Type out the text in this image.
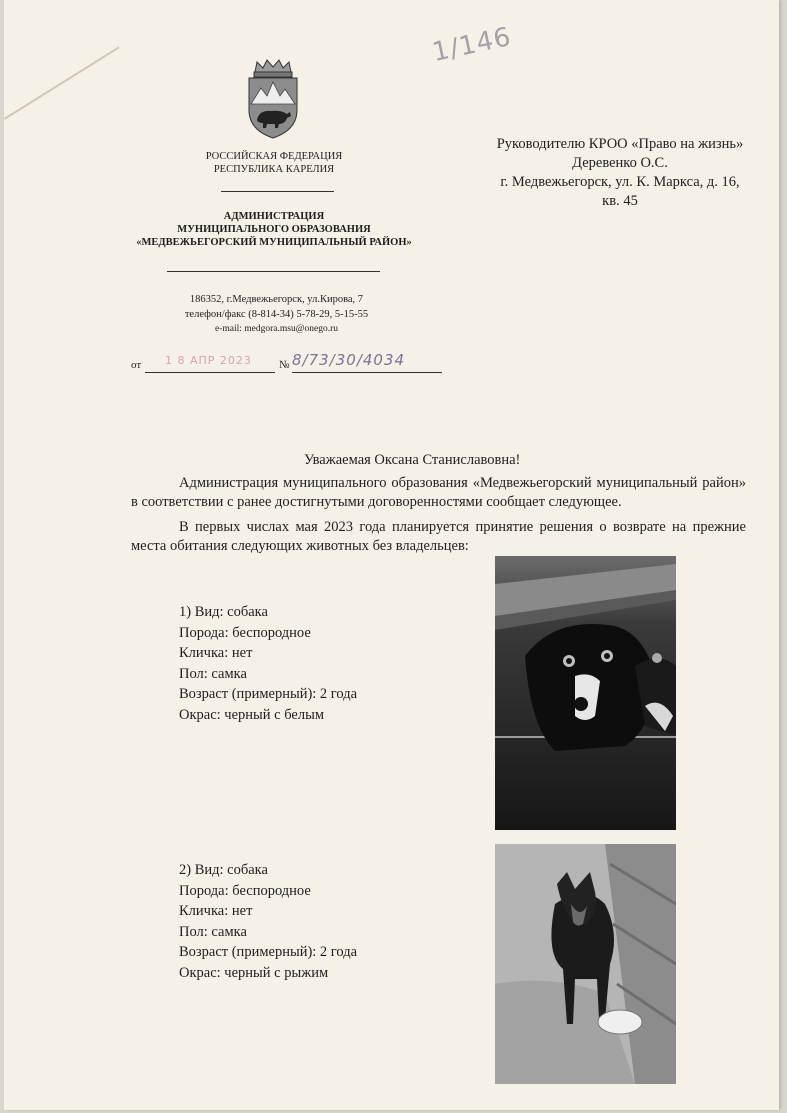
1/146
РОССИЙСКАЯ ФЕДЕРАЦИЯ
РЕСПУБЛИКА КАРЕЛИЯ
АДМИНИСТРАЦИЯ
МУНИЦИПАЛЬНОГО ОБРАЗОВАНИЯ
«МЕДВЕЖЬЕГОРСКИЙ МУНИЦИПАЛЬНЫЙ РАЙОН»
186352, г.Медвежьегорск, ул.Кирова, 7
телефон/факс (8-814-34) 5-78-29, 5-15-55
e-mail: medgora.msu@onego.ru
от 1 8 АПР 2023 № 8/73/30/4034
Руководителю КРОО «Право на жизнь»
Деревенко О.С.
г. Медвежьегорск, ул. К. Маркса, д. 16,
кв. 45
Уважаемая Оксана Станиславовна!
Администрация муниципального образования «Медвежьегорский муниципальный район» в соответствии с ранее достигнутыми договоренностями сообщает следующее.
В первых числах мая 2023 года планируется принятие решения о возврате на прежние места обитания следующих животных без владельцев:
1) Вид: собака
Порода: беспородное
Кличка: нет
Пол: самка
Возраст (примерный): 2 года
Окрас: черный с белым
2) Вид: собака
Порода: беспородное
Кличка: нет
Пол: самка
Возраст (примерный): 2 года
Окрас: черный с рыжим
